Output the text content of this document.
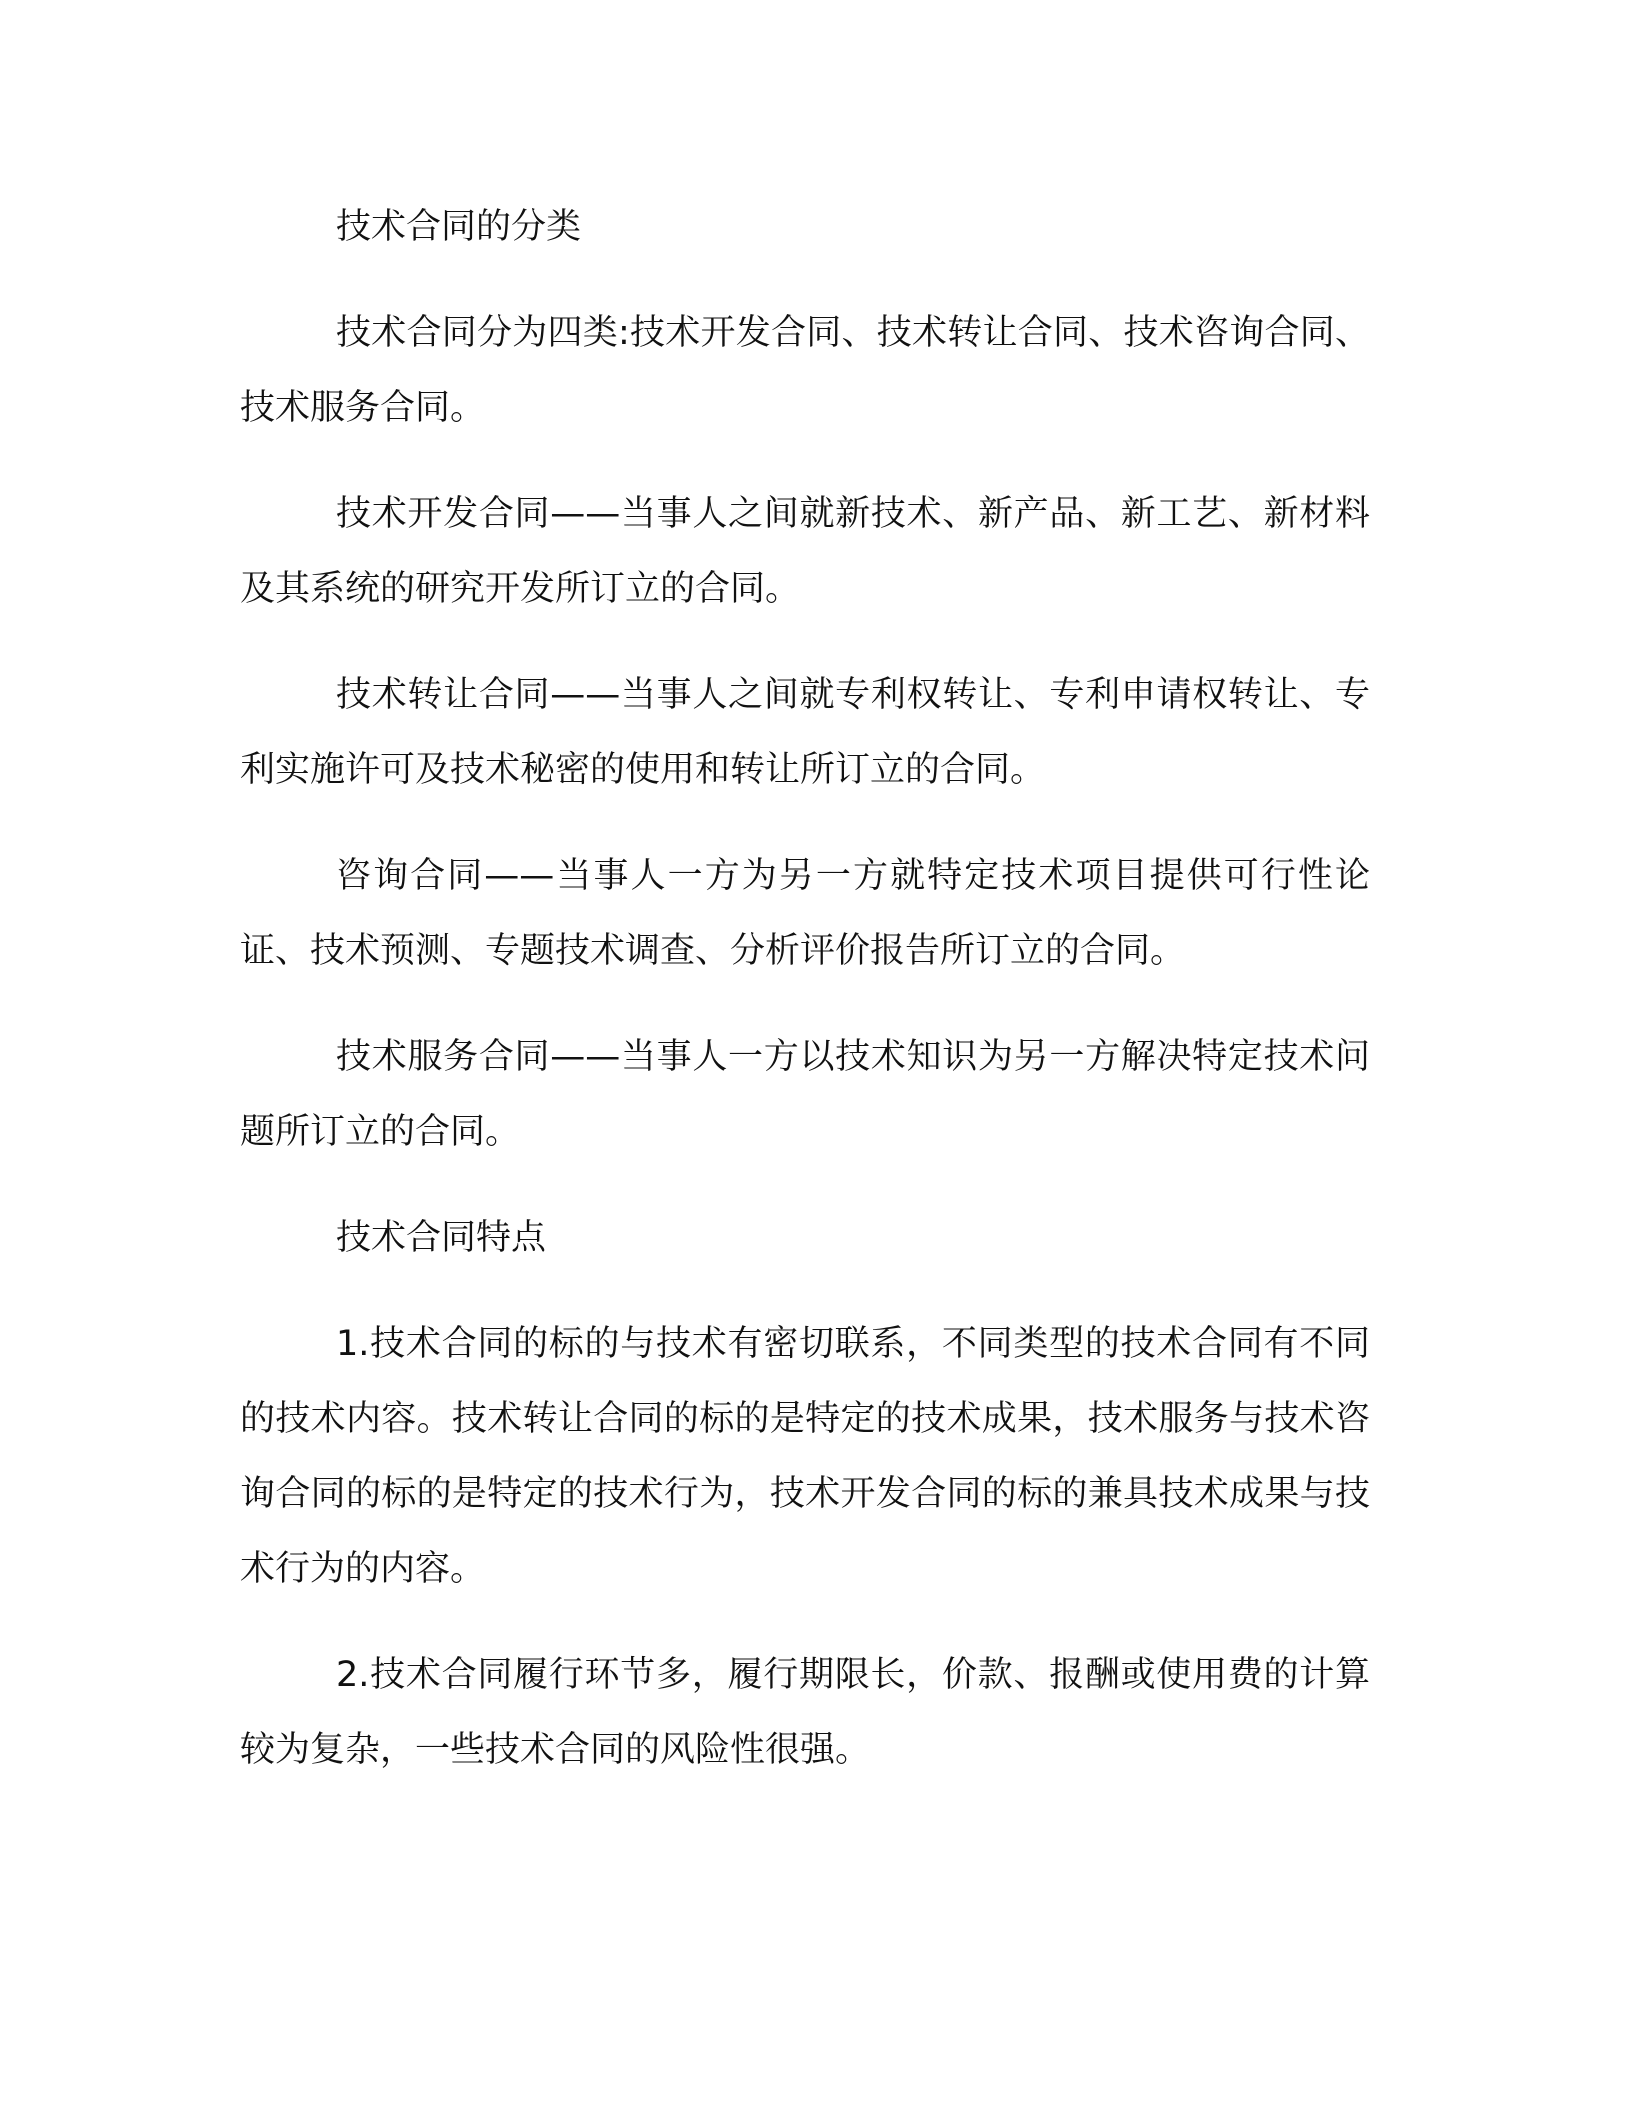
技术合同的分类

技术合同分为四类:技术开发合同、技术转让合同、技术咨询合同、技术服务合同。

技术开发合同——当事人之间就新技术、新产品、新工艺、新材料及其系统的研究开发所订立的合同。

技术转让合同——当事人之间就专利权转让、专利申请权转让、专利实施许可及技术秘密的使用和转让所订立的合同。

咨询合同——当事人一方为另一方就特定技术项目提供可行性论证、技术预测、专题技术调查、分析评价报告所订立的合同。

技术服务合同——当事人一方以技术知识为另一方解决特定技术问题所订立的合同。

技术合同特点

1.技术合同的标的与技术有密切联系，不同类型的技术合同有不同的技术内容。技术转让合同的标的是特定的技术成果，技术服务与技术咨询合同的标的是特定的技术行为，技术开发合同的标的兼具技术成果与技术行为的内容。

2.技术合同履行环节多，履行期限长，价款、报酬或使用费的计算较为复杂，一些技术合同的风险性很强。
